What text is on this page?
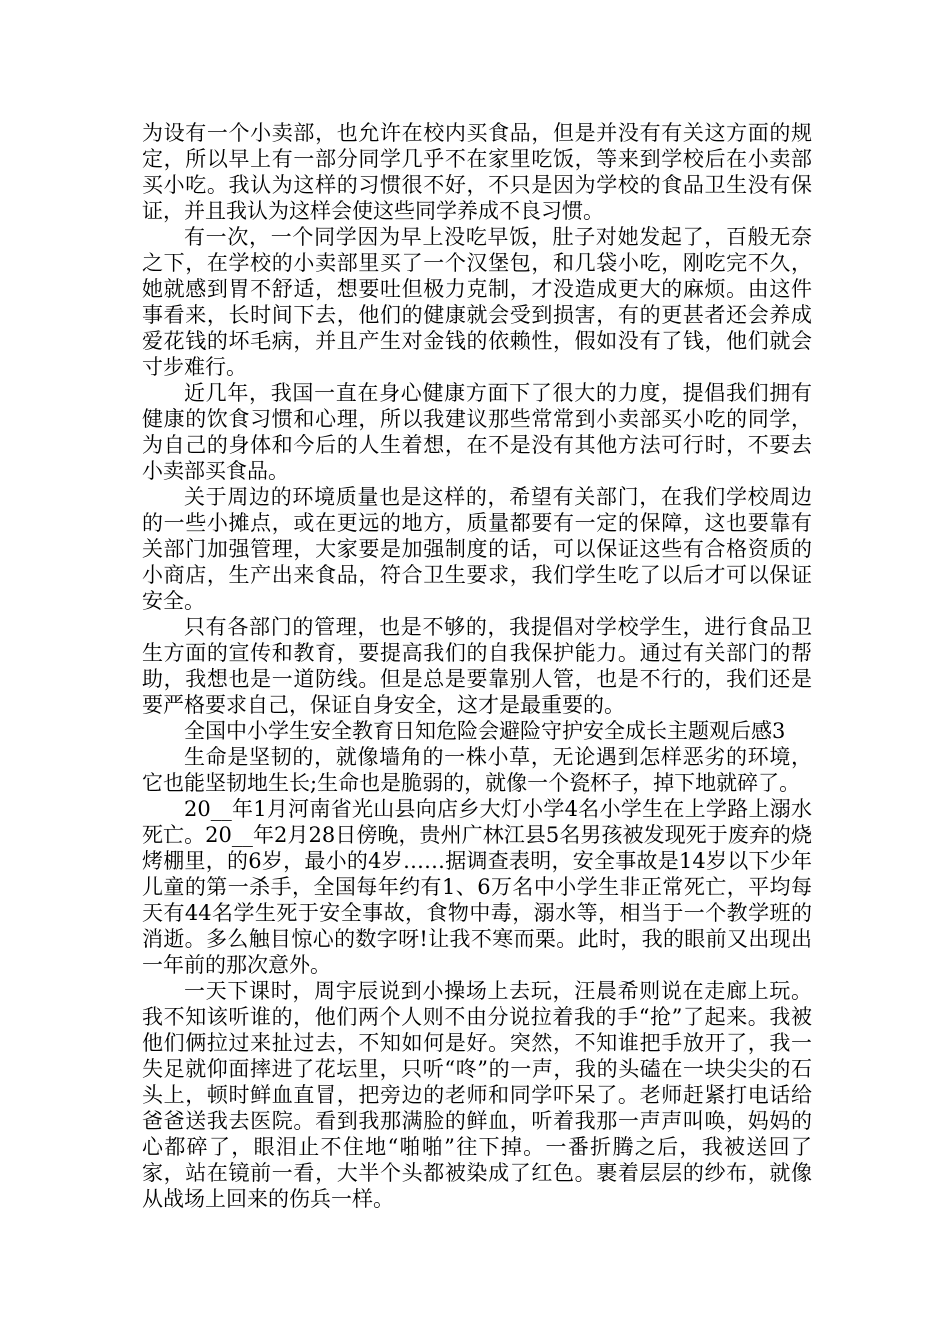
为设有一个小卖部，也允许在校内买食品，但是并没有有关这方面的规定，所以早上有一部分同学几乎不在家里吃饭，等来到学校后在小卖部买小吃。我认为这样的习惯很不好，不只是因为学校的食品卫生没有保证，并且我认为这样会使这些同学养成不良习惯。

有一次，一个同学因为早上没吃早饭，肚子对她发起了，百般无奈之下，在学校的小卖部里买了一个汉堡包，和几袋小吃，刚吃完不久，她就感到胃不舒适，想要吐但极力克制，才没造成更大的麻烦。由这件事看来，长时间下去，他们的健康就会受到损害，有的更甚者还会养成爱花钱的坏毛病，并且产生对金钱的依赖性，假如没有了钱，他们就会寸步难行。

近几年，我国一直在身心健康方面下了很大的力度，提倡我们拥有健康的饮食习惯和心理，所以我建议那些常常到小卖部买小吃的同学，为自己的身体和今后的人生着想，在不是没有其他方法可行时，不要去小卖部买食品。

关于周边的环境质量也是这样的，希望有关部门，在我们学校周边的一些小摊点，或在更远的地方，质量都要有一定的保障，这也要靠有关部门加强管理，大家要是加强制度的话，可以保证这些有合格资质的小商店，生产出来食品，符合卫生要求，我们学生吃了以后才可以保证安全。

只有各部门的管理，也是不够的，我提倡对学校学生，进行食品卫生方面的宣传和教育，要提高我们的自我保护能力。通过有关部门的帮助，我想也是一道防线。但是总是要靠别人管，也是不行的，我们还是要严格要求自己，保证自身安全，这才是最重要的。

全国中小学生安全教育日知危险会避险守护安全成长主题观后感3

生命是坚韧的，就像墙角的一株小草，无论遇到怎样恶劣的环境，它也能坚韧地生长;生命也是脆弱的，就像一个瓷杯子，掉下地就碎了。

20__年1月河南省光山县向店乡大灯小学4名小学生在上学路上溺水死亡。20__年2月28日傍晚，贵州广林江县5名男孩被发现死于废弃的烧烤棚里，的6岁，最小的4岁……据调查表明，安全事故是14岁以下少年儿童的第一杀手，全国每年约有1、6万名中小学生非正常死亡，平均每天有44名学生死于安全事故，食物中毒，溺水等，相当于一个教学班的消逝。多么触目惊心的数字呀!让我不寒而栗。此时，我的眼前又出现出一年前的那次意外。

一天下课时，周宇辰说到小操场上去玩，汪晨希则说在走廊上玩。我不知该听谁的，他们两个人则不由分说拉着我的手“抢”了起来。我被他们俩拉过来扯过去，不知如何是好。突然，不知谁把手放开了，我一失足就仰面摔进了花坛里，只听“咚”的一声，我的头磕在一块尖尖的石头上，顿时鲜血直冒，把旁边的老师和同学吓呆了。老师赶紧打电话给爸爸送我去医院。看到我那满脸的鲜血，听着我那一声声叫唤，妈妈的心都碎了，眼泪止不住地“啪啪”往下掉。一番折腾之后，我被送回了家，站在镜前一看，大半个头都被染成了红色。裹着层层的纱布，就像从战场上回来的伤兵一样。
